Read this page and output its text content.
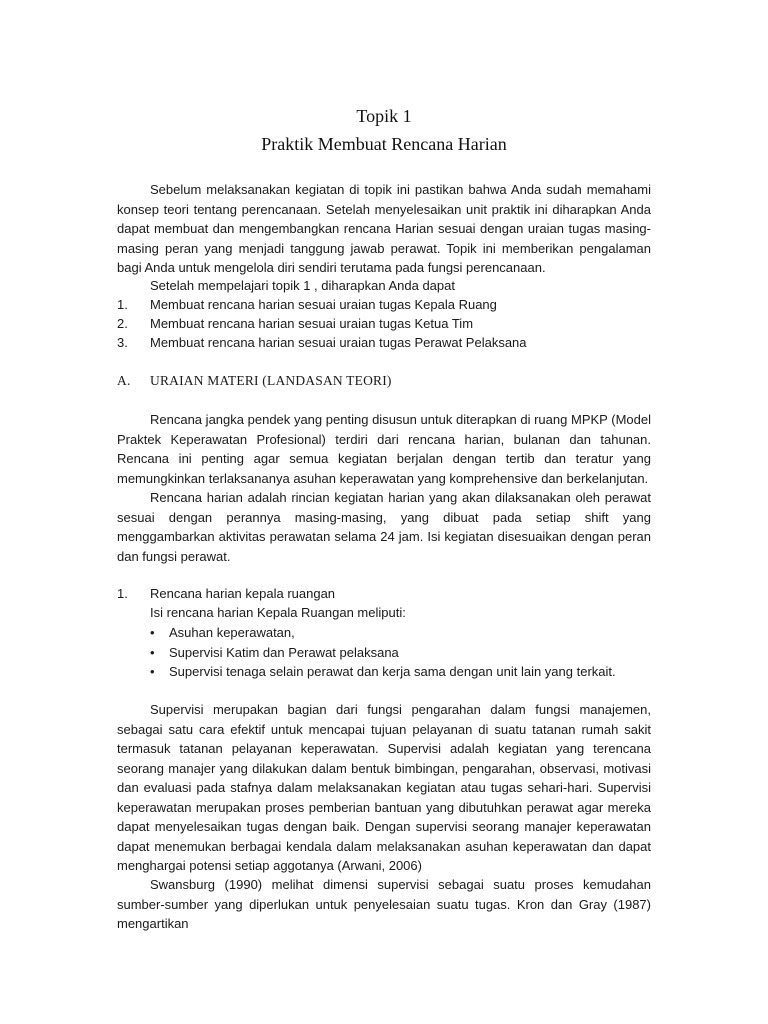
Topik 1
Praktik Membuat Rencana Harian

Sebelum melaksanakan kegiatan di topik ini pastikan bahwa Anda sudah memahami konsep teori tentang perencanaan. Setelah menyelesaikan unit praktik ini diharapkan Anda dapat membuat dan mengembangkan rencana Harian sesuai dengan uraian tugas masing-masing peran yang menjadi tanggung jawab perawat. Topik ini memberikan pengalaman bagi Anda untuk mengelola diri sendiri terutama pada fungsi perencanaan.

Setelah mempelajari topik 1 , diharapkan Anda dapat
1. Membuat rencana harian sesuai uraian tugas Kepala Ruang
2. Membuat rencana harian sesuai uraian tugas Ketua Tim
3. Membuat rencana harian sesuai uraian tugas Perawat Pelaksana
A. URAIAN MATERI (LANDASAN TEORI)

Rencana jangka pendek yang penting disusun untuk diterapkan di ruang MPKP (Model Praktek Keperawatan Profesional) terdiri dari rencana harian, bulanan dan tahunan. Rencana ini penting agar semua kegiatan berjalan dengan tertib dan teratur yang memungkinkan terlaksananya asuhan keperawatan yang komprehensive dan berkelanjutan.

Rencana harian adalah rincian kegiatan harian yang akan dilaksanakan oleh perawat sesuai dengan perannya masing-masing, yang dibuat pada setiap shift yang menggambarkan aktivitas perawatan selama 24 jam. Isi kegiatan disesuaikan dengan peran dan fungsi perawat.

1. Rencana harian kepala ruangan
Isi rencana harian Kepala Ruangan meliputi:
• Asuhan keperawatan,
• Supervisi Katim dan Perawat pelaksana
• Supervisi tenaga selain perawat dan kerja sama dengan unit lain yang terkait.

Supervisi merupakan bagian dari fungsi pengarahan dalam fungsi manajemen, sebagai satu cara efektif untuk mencapai tujuan pelayanan di suatu tatanan rumah sakit termasuk tatanan pelayanan keperawatan. Supervisi adalah kegiatan yang terencana seorang manajer yang dilakukan dalam bentuk bimbingan, pengarahan, observasi, motivasi dan evaluasi pada stafnya dalam melaksanakan kegiatan atau tugas sehari-hari. Supervisi keperawatan merupakan proses pemberian bantuan yang dibutuhkan perawat agar mereka dapat menyelesaikan tugas dengan baik. Dengan supervisi seorang manajer keperawatan dapat menemukan berbagai kendala dalam melaksanakan asuhan keperawatan dan dapat menghargai potensi setiap aggotanya (Arwani, 2006)

Swansburg (1990) melihat dimensi supervisi sebagai suatu proses kemudahan sumber-sumber yang diperlukan untuk penyelesaian suatu tugas. Kron dan Gray (1987) mengartikan
